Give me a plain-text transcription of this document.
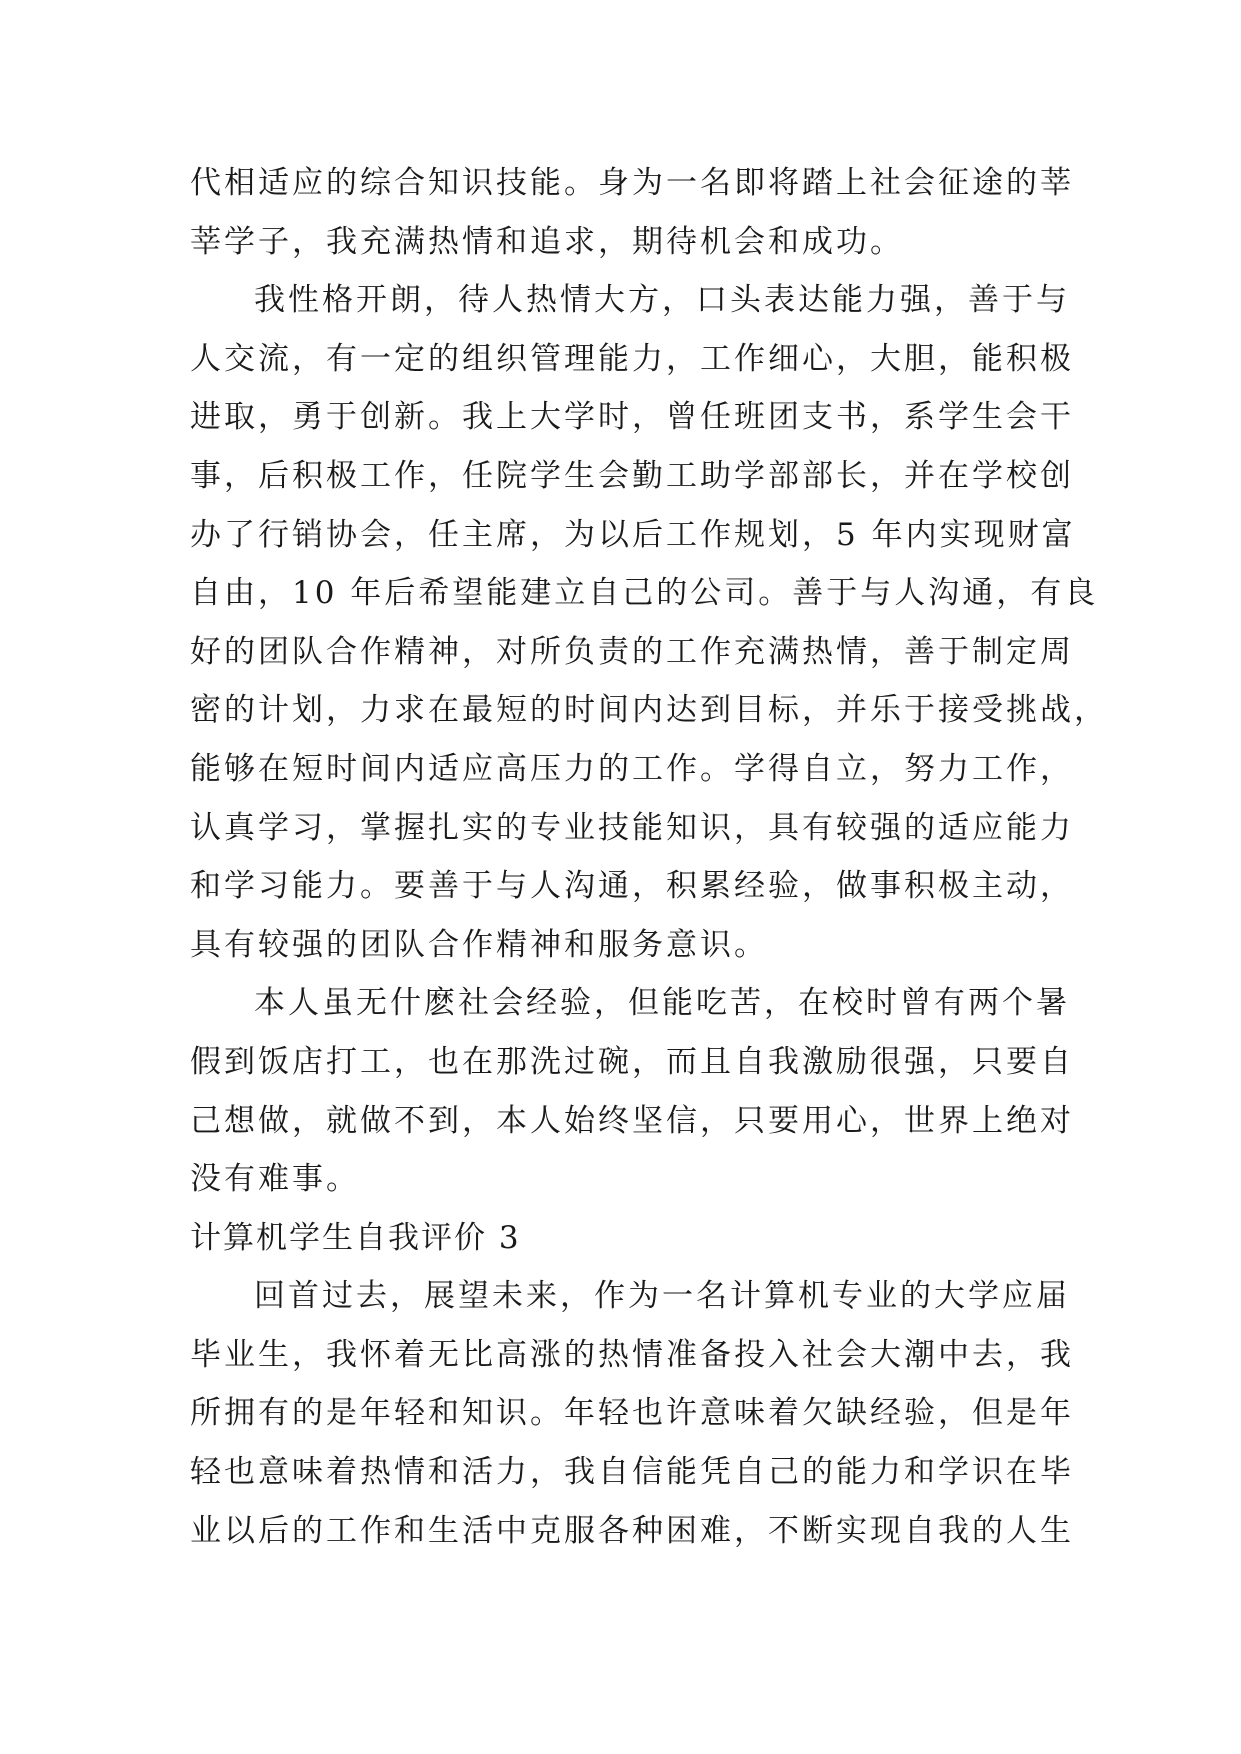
代相适应的综合知识技能。身为一名即将踏上社会征途的莘
莘学子，我充满热情和追求，期待机会和成功。
我性格开朗，待人热情大方，口头表达能力强，善于与
人交流，有一定的组织管理能力，工作细心，大胆，能积极
进取，勇于创新。我上大学时，曾任班团支书，系学生会干
事，后积极工作，任院学生会勤工助学部部长，并在学校创
办了行销协会，任主席，为以后工作规划，5 年内实现财富
自由，10 年后希望能建立自己的公司。善于与人沟通，有良
好的团队合作精神，对所负责的工作充满热情，善于制定周
密的计划，力求在最短的时间内达到目标，并乐于接受挑战，
能够在短时间内适应高压力的工作。学得自立，努力工作，
认真学习，掌握扎实的专业技能知识，具有较强的适应能力
和学习能力。要善于与人沟通，积累经验，做事积极主动，
具有较强的团队合作精神和服务意识。
本人虽无什麽社会经验，但能吃苦，在校时曾有两个暑
假到饭店打工，也在那洗过碗，而且自我激励很强，只要自
己想做，就做不到，本人始终坚信，只要用心，世界上绝对
没有难事。
计算机学生自我评价 3
回首过去，展望未来，作为一名计算机专业的大学应届
毕业生，我怀着无比高涨的热情准备投入社会大潮中去，我
所拥有的是年轻和知识。年轻也许意味着欠缺经验，但是年
轻也意味着热情和活力，我自信能凭自己的能力和学识在毕
业以后的工作和生活中克服各种困难，不断实现自我的人生
